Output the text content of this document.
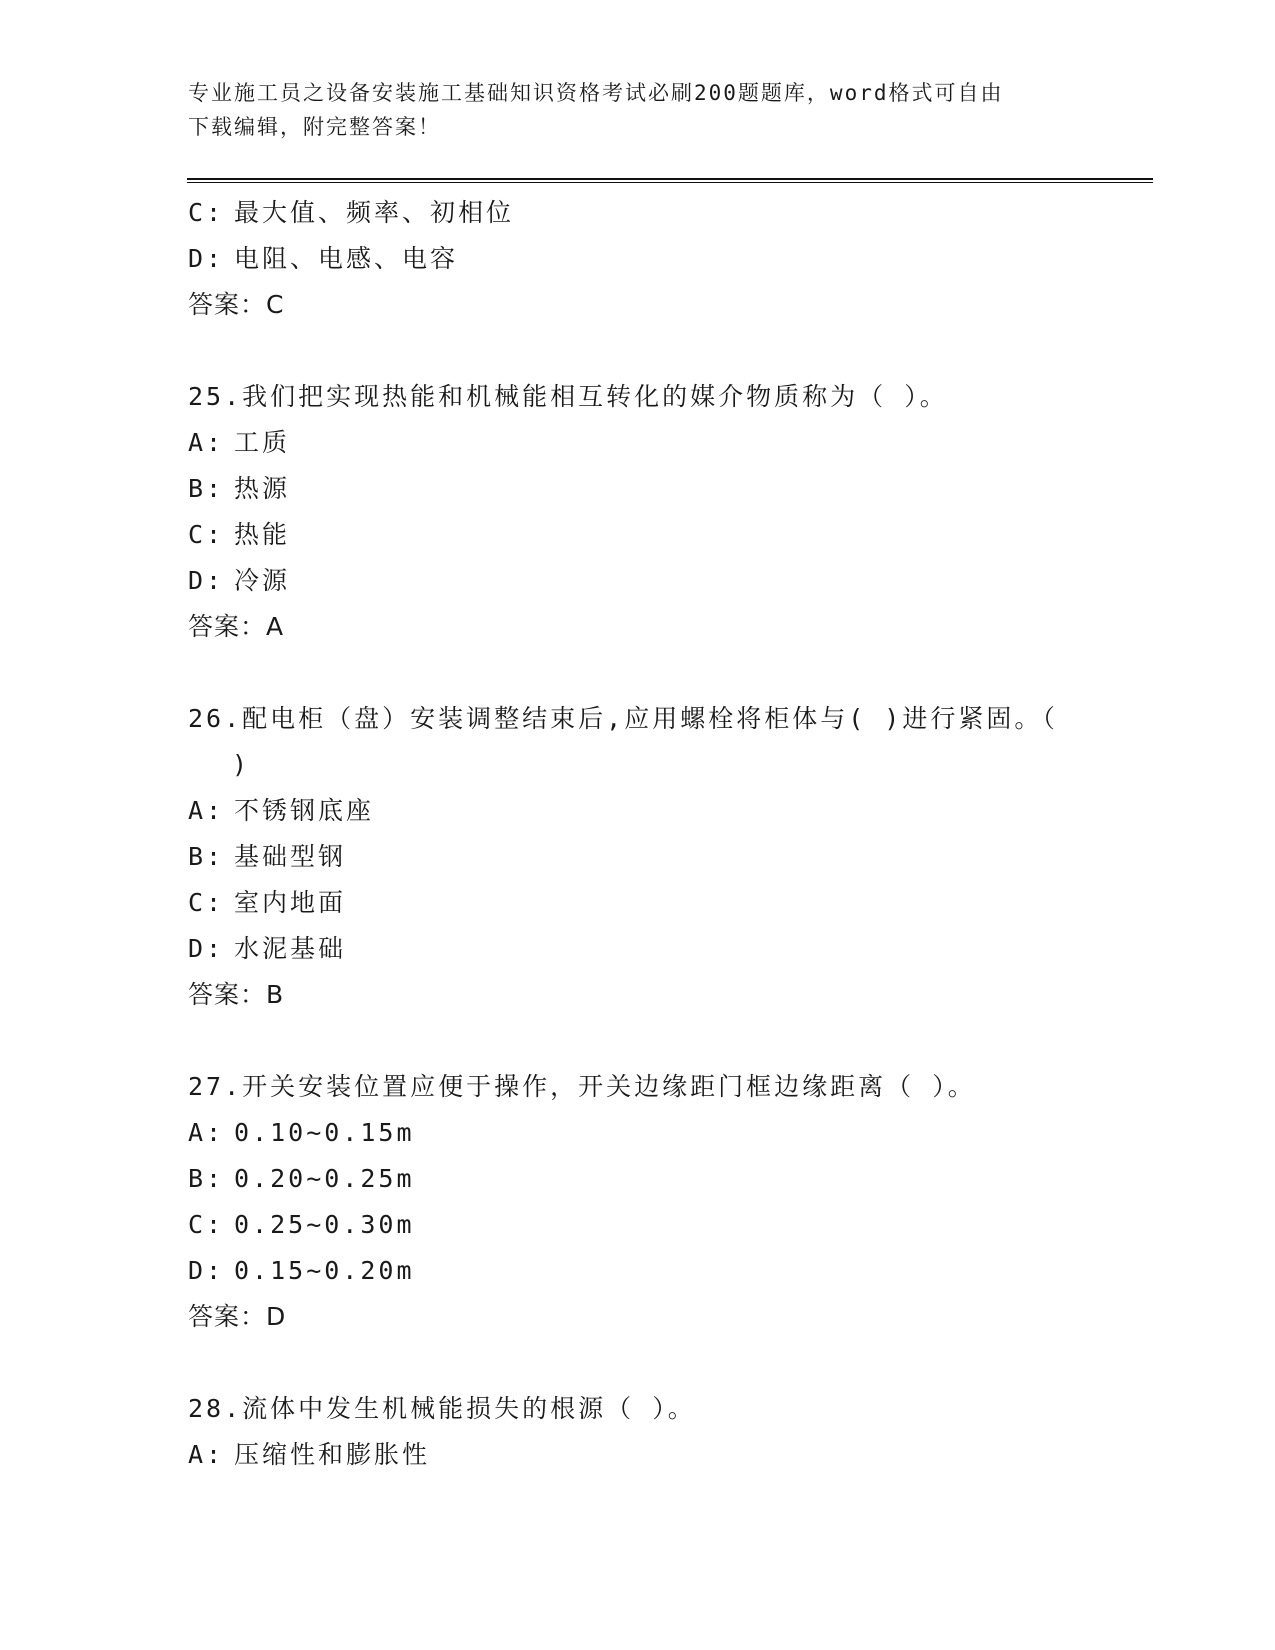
专业施工员之设备安装施工基础知识资格考试必刷200题题库，word格式可自由
下载编辑，附完整答案！
C: 最大值、频率、初相位
D: 电阻、电感、电容
答案：C
25.我们把实现热能和机械能相互转化的媒介物质称为（ ）。
A: 工质
B: 热源
C: 热能
D: 冷源
答案：A
26.配电柜（盘）安装调整结束后,应用螺栓将柜体与( )进行紧固。（
)
A: 不锈钢底座
B: 基础型钢
C: 室内地面
D: 水泥基础
答案：B
27.开关安装位置应便于操作，开关边缘距门框边缘距离（ ）。
A: 0.10~0.15m
B: 0.20~0.25m
C: 0.25~0.30m
D: 0.15~0.20m
答案：D
28.流体中发生机械能损失的根源（ ）。
A: 压缩性和膨胀性
